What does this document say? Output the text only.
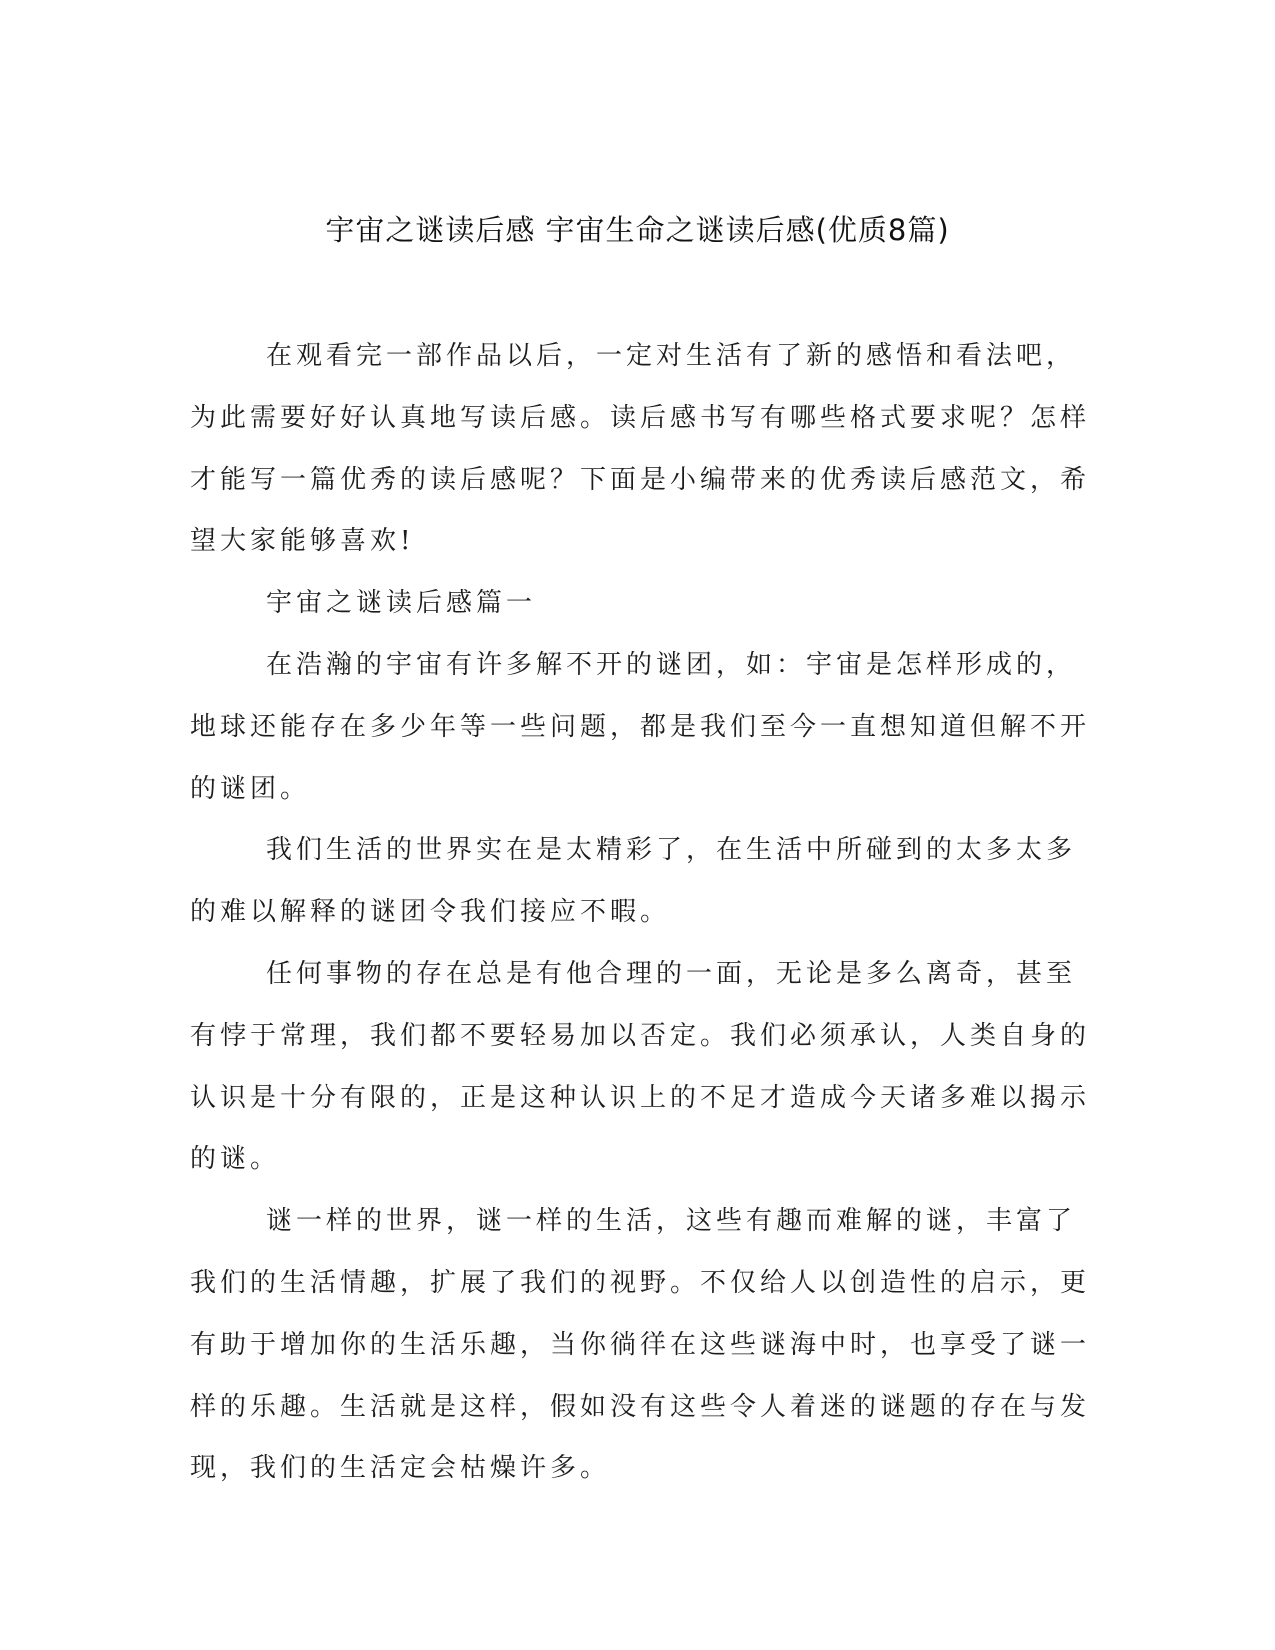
宇宙之谜读后感 宇宙生命之谜读后感(优质8篇)

在观看完一部作品以后，一定对生活有了新的感悟和看法吧，为此需要好好认真地写读后感。读后感书写有哪些格式要求呢？怎样才能写一篇优秀的读后感呢？下面是小编带来的优秀读后感范文，希望大家能够喜欢!

宇宙之谜读后感篇一

在浩瀚的宇宙有许多解不开的谜团，如：宇宙是怎样形成的，地球还能存在多少年等一些问题，都是我们至今一直想知道但解不开的谜团。

我们生活的世界实在是太精彩了，在生活中所碰到的太多太多的难以解释的谜团令我们接应不暇。

任何事物的存在总是有他合理的一面，无论是多么离奇，甚至有悖于常理，我们都不要轻易加以否定。我们必须承认，人类自身的认识是十分有限的，正是这种认识上的不足才造成今天诸多难以揭示的谜。

谜一样的世界，谜一样的生活，这些有趣而难解的谜，丰富了我们的生活情趣，扩展了我们的视野。不仅给人以创造性的启示，更有助于增加你的生活乐趣，当你徜徉在这些谜海中时，也享受了谜一样的乐趣。生活就是这样，假如没有这些令人着迷的谜题的存在与发现，我们的生活定会枯燥许多。
